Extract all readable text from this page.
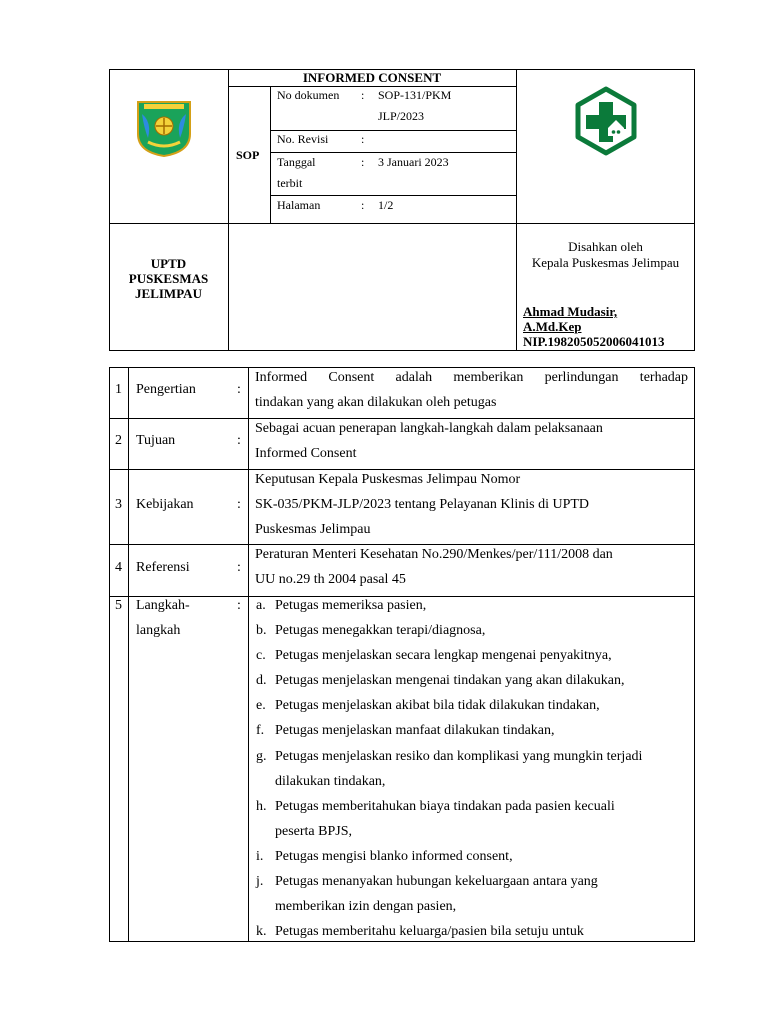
INFORMED CONSENT
SOP
No dokumen : SOP-131/PKM
JLP/2023
No. Revisi	:
Tanggal
terbit
: 3 Januari 2023
Halaman	: 1/2
UPTD
PUSKESMAS
JELIMPAU
Disahkan oleh
Kepala Puskesmas Jelimpau
Ahmad Mudasir,
A.Md.Kep
NIP.198205052006041013
1 Pengertian	:
Informed Consent adalah memberikan perlindungan terhadap
tindakan yang akan dilakukan oleh petugas
2 Tujuan	:
Sebagai acuan penerapan langkah-langkah dalam pelaksanaan
Informed Consent
3 Kebijakan	:
Keputusan Kepala Puskesmas Jelimpau Nomor
SK-035/PKM-JLP/2023 tentang Pelayanan Klinis di UPTD
Puskesmas Jelimpau
4 Referensi	:
Peraturan Menteri Kesehatan No.290/Menkes/per/111/2008 dan
UU no.29 th 2004 pasal 45
5 Langkah-
langkah
: a. Petugas memeriksa pasien,
b. Petugas menegakkan terapi/diagnosa,
c. Petugas menjelaskan secara lengkap mengenai penyakitnya,
d. Petugas menjelaskan mengenai tindakan yang akan dilakukan,
e. Petugas menjelaskan akibat bila tidak dilakukan tindakan,
f. Petugas menjelaskan manfaat dilakukan tindakan,
g. Petugas menjelaskan resiko dan komplikasi yang mungkin terjadi
dilakukan tindakan,
h. Petugas memberitahukan biaya tindakan pada pasien kecuali
peserta BPJS,
i. Petugas mengisi blanko informed consent,
j. Petugas menanyakan hubungan kekeluargaan antara yang
memberikan izin dengan pasien,
k. Petugas memberitahu keluarga/pasien bila setuju untuk
